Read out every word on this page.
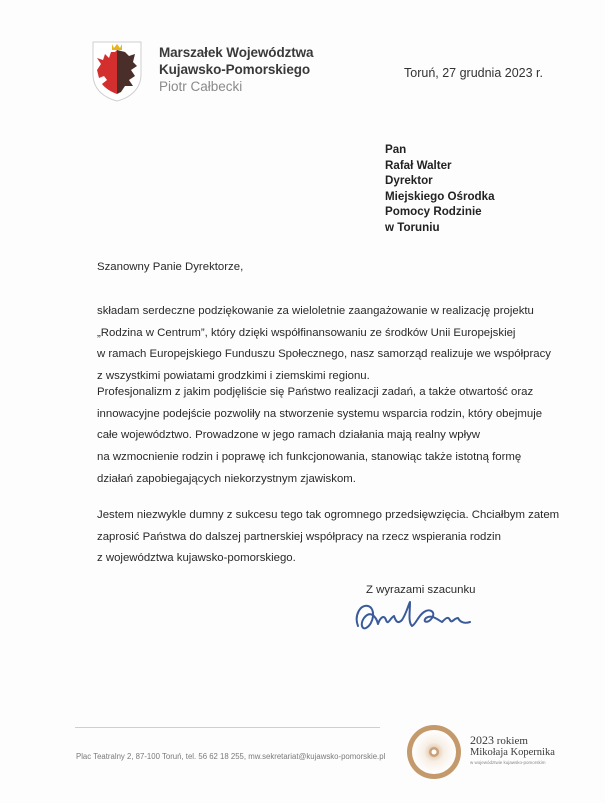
Marszałek Województwa
Kujawsko-Pomorskiego
Piotr Całbecki
Toruń, 27 grudnia 2023 r.
Pan
Rafał Walter
Dyrektor
Miejskiego Ośrodka
Pomocy Rodzinie
w Toruniu
Szanowny Panie Dyrektorze,
składam serdeczne podziękowanie za wieloletnie zaangażowanie w realizację projektu
„Rodzina w Centrum”, który dzięki współfinansowaniu ze środków Unii Europejskiej
w ramach Europejskiego Funduszu Społecznego, nasz samorząd realizuje we współpracy
z wszystkimi powiatami grodzkimi i ziemskimi regionu.
Profesjonalizm z jakim podjęliście się Państwo realizacji zadań, a także otwartość oraz
innowacyjne podejście pozwoliły na stworzenie systemu wsparcia rodzin, który obejmuje
całe województwo. Prowadzone w jego ramach działania mają realny wpływ
na wzmocnienie rodzin i poprawę ich funkcjonowania, stanowiąc także istotną formę
działań zapobiegających niekorzystnym zjawiskom.
Jestem niezwykle dumny z sukcesu tego tak ogromnego przedsięwzięcia. Chciałbym zatem
zaprosić Państwa do dalszej partnerskiej współpracy na rzecz wspierania rodzin
z województwa kujawsko-pomorskiego.
Z wyrazami szacunku
Plac Teatralny 2, 87-100 Toruń, tel. 56 62 18 255, mw.sekretariat@kujawsko-pomorskie.pl
2023 rokiem
Mikołaja Kopernika
w województwie kujawsko-pomorskim
